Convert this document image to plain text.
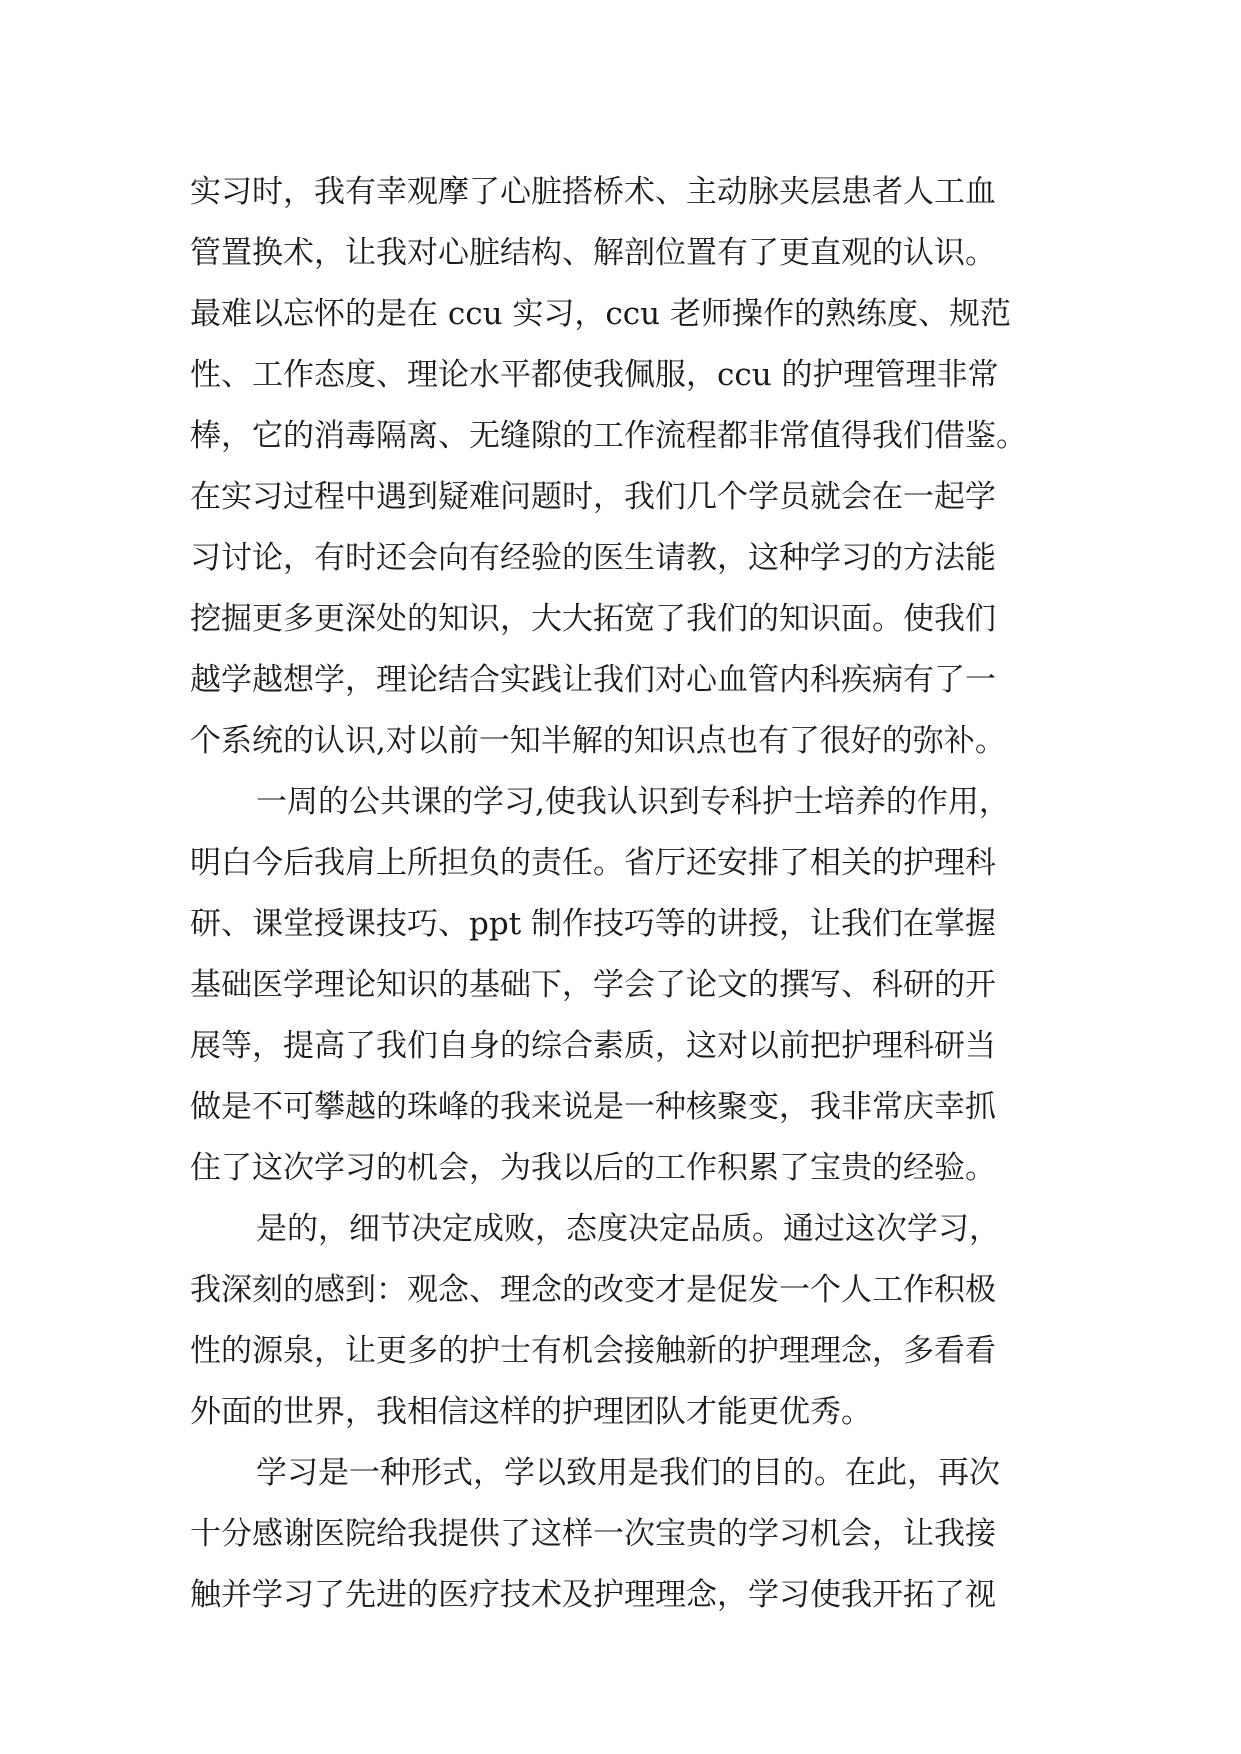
实习时，我有幸观摩了心脏搭桥术、主动脉夹层患者人工血
管置换术，让我对心脏结构、解剖位置有了更直观的认识。
最难以忘怀的是在 ccu 实习，ccu 老师操作的熟练度、规范
性、工作态度、理论水平都使我佩服，ccu 的护理管理非常
棒，它的消毒隔离、无缝隙的工作流程都非常值得我们借鉴。
在实习过程中遇到疑难问题时，我们几个学员就会在一起学
习讨论，有时还会向有经验的医生请教，这种学习的方法能
挖掘更多更深处的知识，大大拓宽了我们的知识面。使我们
越学越想学，理论结合实践让我们对心血管内科疾病有了一
个系统的认识,对以前一知半解的知识点也有了很好的弥补。
一周的公共课的学习,使我认识到专科护士培养的作用，
明白今后我肩上所担负的责任。省厅还安排了相关的护理科
研、课堂授课技巧、ppt 制作技巧等的讲授，让我们在掌握
基础医学理论知识的基础下，学会了论文的撰写、科研的开
展等，提高了我们自身的综合素质，这对以前把护理科研当
做是不可攀越的珠峰的我来说是一种核聚变，我非常庆幸抓
住了这次学习的机会，为我以后的工作积累了宝贵的经验。
是的，细节决定成败，态度决定品质。通过这次学习，
我深刻的感到：观念、理念的改变才是促发一个人工作积极
性的源泉，让更多的护士有机会接触新的护理理念，多看看
外面的世界，我相信这样的护理团队才能更优秀。
学习是一种形式，学以致用是我们的目的。在此，再次
十分感谢医院给我提供了这样一次宝贵的学习机会，让我接
触并学习了先进的医疗技术及护理理念，学习使我开拓了视
